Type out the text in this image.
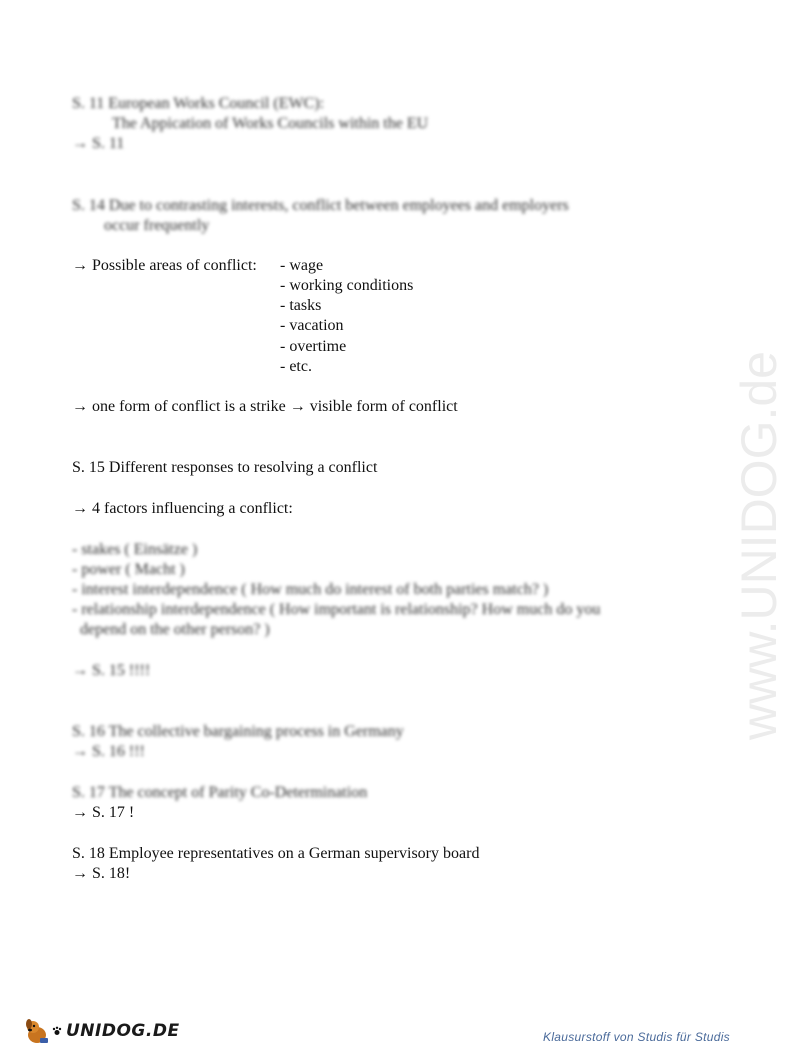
www.UNIDOG.de
S. 11 European Works Council (EWC):
The Appication of Works Councils within the EU
→ S. 11
S. 14 Due to contrasting interests, conflict between employees and employers
occur frequently
→ Possible areas of conflict: - wage
- working conditions
- tasks
- vacation
- overtime
- etc.
→ one form of conflict is a strike → visible form of conflict
S. 15 Different responses to resolving a conflict
→ 4 factors influencing a conflict:
- stakes ( Einsätze )
- power ( Macht )
- interest interdependence ( How much do interest of both parties match? )
- relationship interdependence ( How important is relationship? How much do you
depend on the other person? )
→ S. 15 !!!!
S. 16 The collective bargaining process in Germany
→ S. 16 !!!
S. 17 The concept of Parity Co-Determination
→ S. 17 !
S. 18 Employee representatives on a German supervisory board
→ S. 18!
UNIDOG.DE	Klausurstoff von Studis für Studis
